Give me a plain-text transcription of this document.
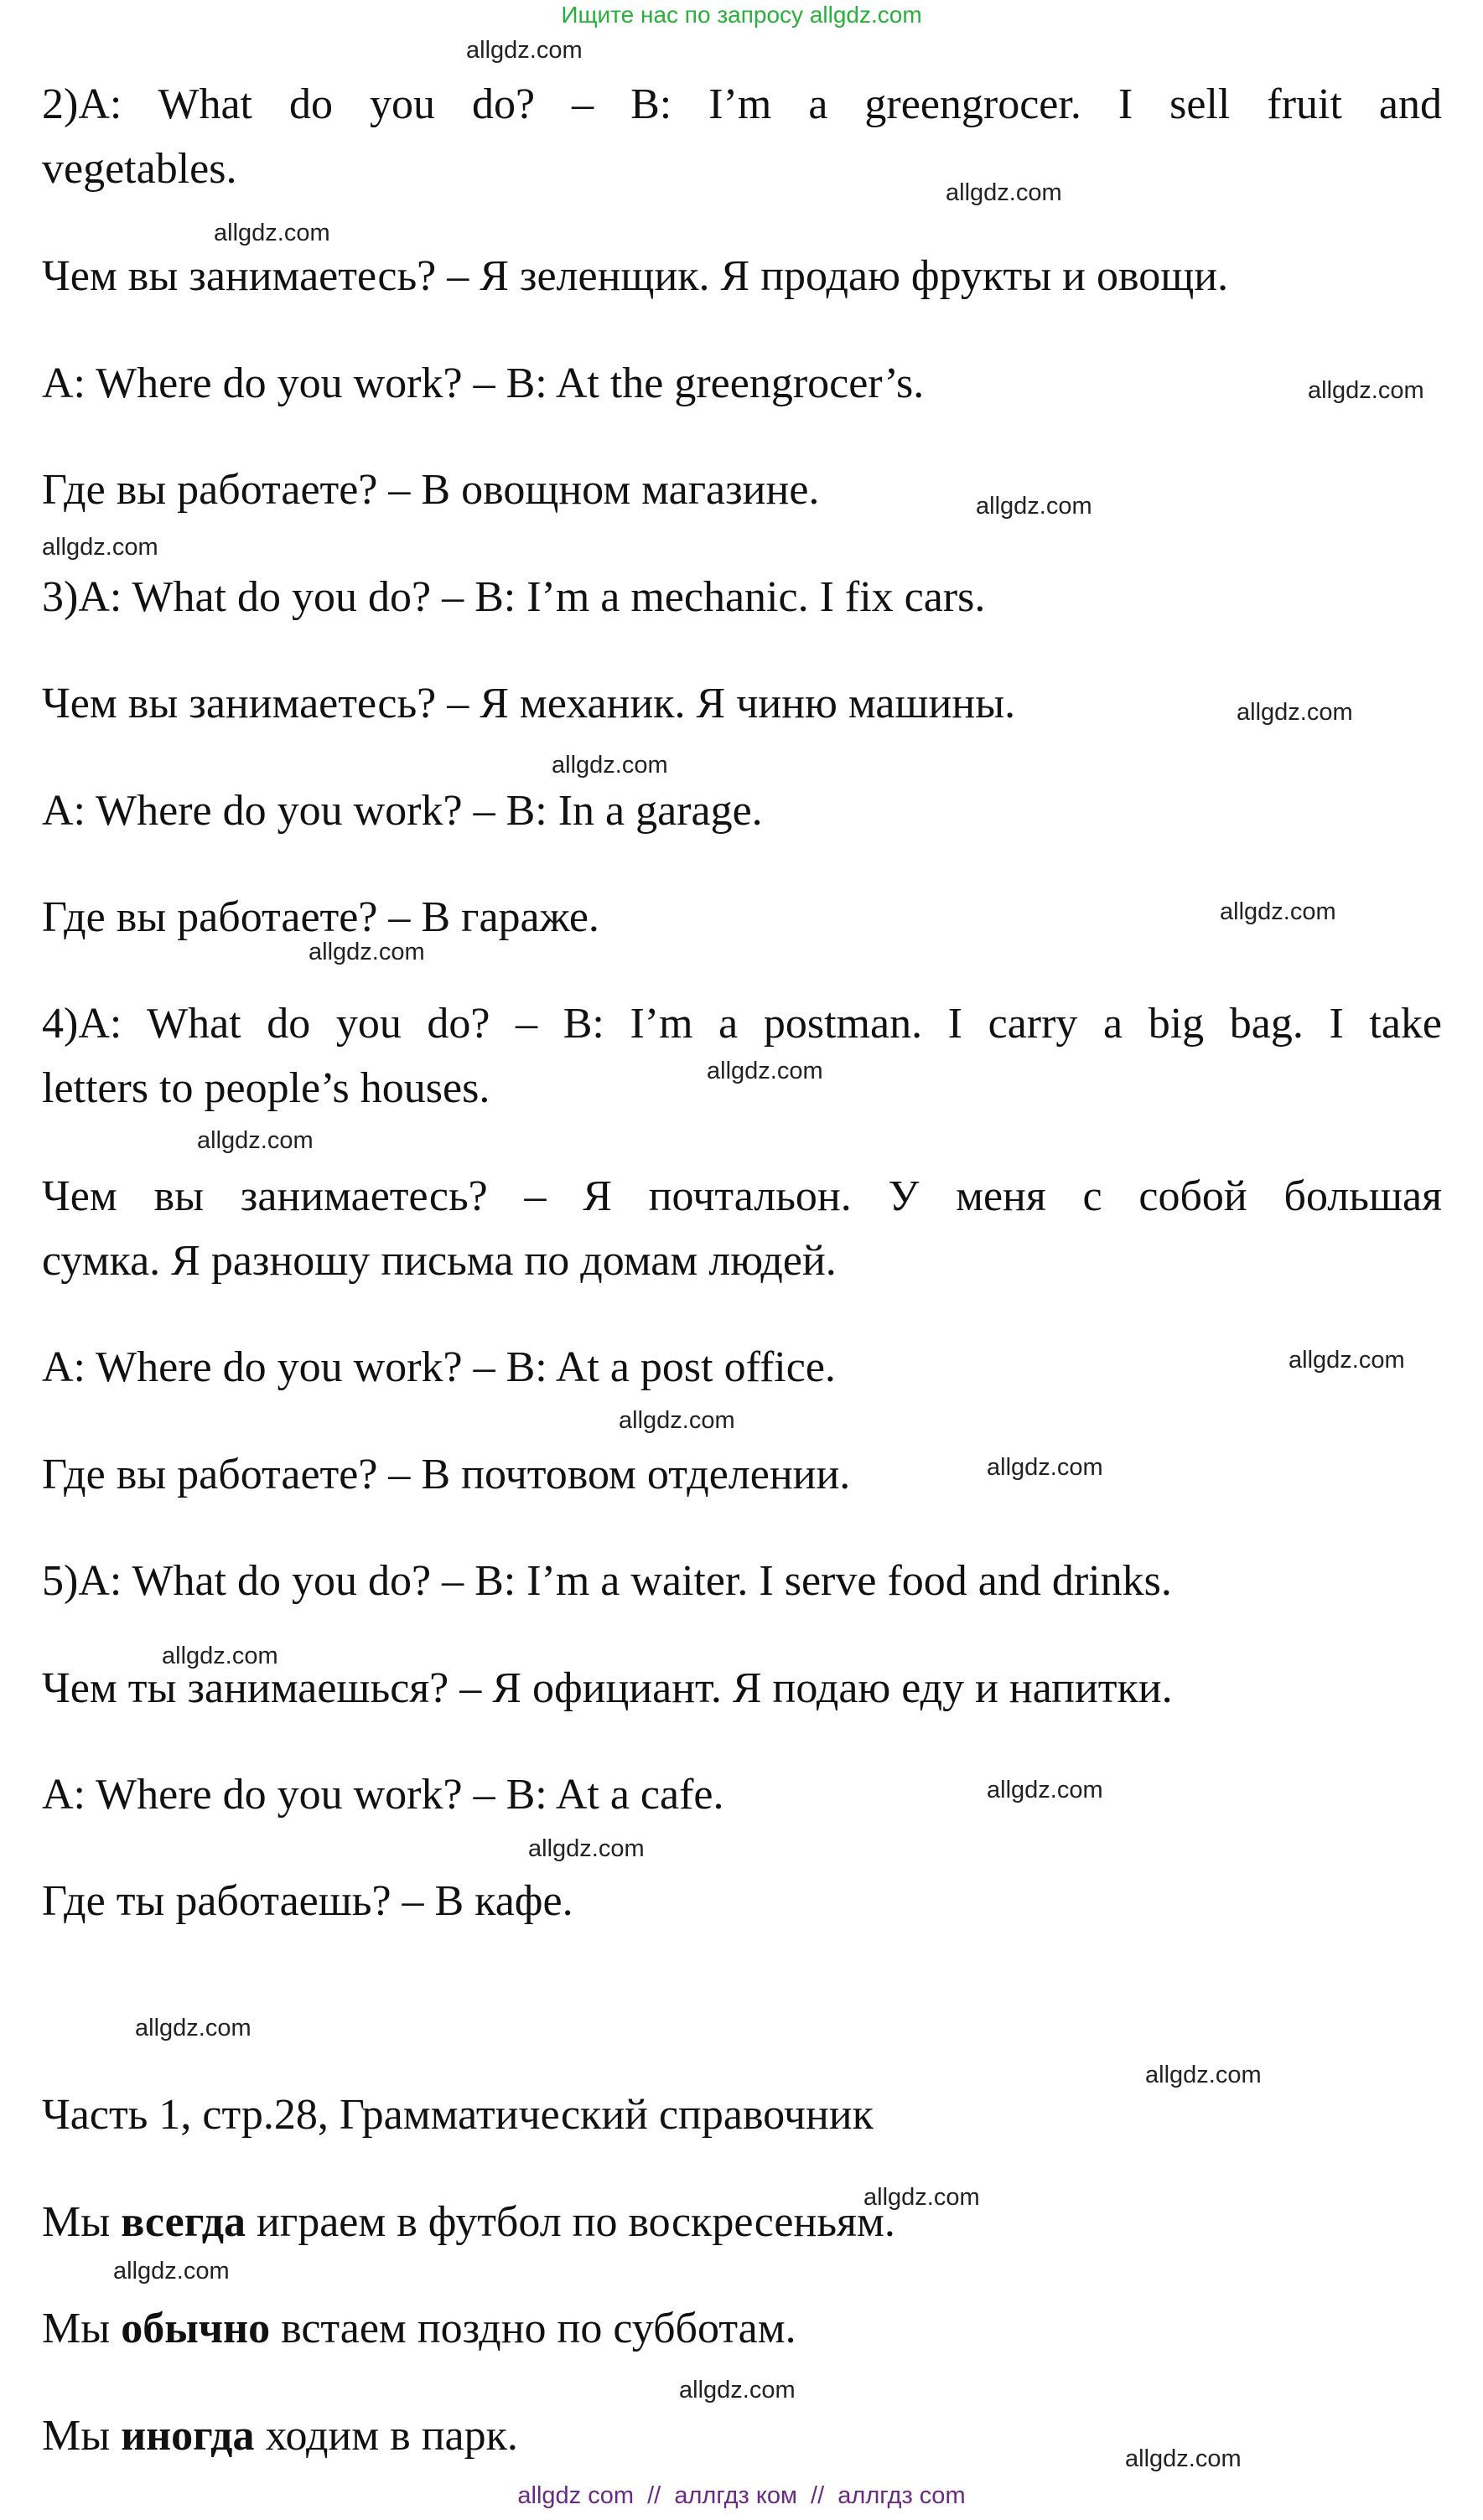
Ищите нас по запросу allgdz.com
allgdz.com
allgdz.com
allgdz.com
allgdz.com
allgdz.com
allgdz.com
allgdz.com
allgdz.com
allgdz.com
allgdz.com
allgdz.com
allgdz.com
allgdz.com
allgdz.com
allgdz.com
allgdz.com
allgdz.com
allgdz.com
allgdz.com
allgdz.com
allgdz.com
allgdz.com
allgdz.com
allgdz.com
2)A: What do you do? – B: I’m a greengrocer. I sell fruit and
vegetables.
Чем вы занимаетесь? – Я зеленщик. Я продаю фрукты и овощи.
A: Where do you work? – B: At the greengrocer’s.
Где вы работаете? – В овощном магазине.
3)A: What do you do? – B: I’m a mechanic. I fix cars.
Чем вы занимаетесь? – Я механик. Я чиню машины.
A: Where do you work? – B: In a garage.
Где вы работаете? – В гараже.
4)A: What do you do? – B: I’m a postman. I carry a big bag. I take
letters to people’s houses.
Чем вы занимаетесь? – Я почтальон. У меня с собой большая
сумка. Я разношу письма по домам людей.
A: Where do you work? – B: At a post office.
Где вы работаете? – В почтовом отделении.
5)A: What do you do? – B: I’m a waiter. I serve food and drinks.
Чем ты занимаешься? – Я официант. Я подаю еду и напитки.
A: Where do you work? – B: At a cafe.
Где ты работаешь? – В кафе.
Часть 1, стр.28, Грамматический справочник
Мы всегда играем в футбол по воскресеньям.
Мы обычно встаем поздно по субботам.
Мы иногда ходим в парк.
allgdz com  //  аллгдз ком  //  аллгдз com
